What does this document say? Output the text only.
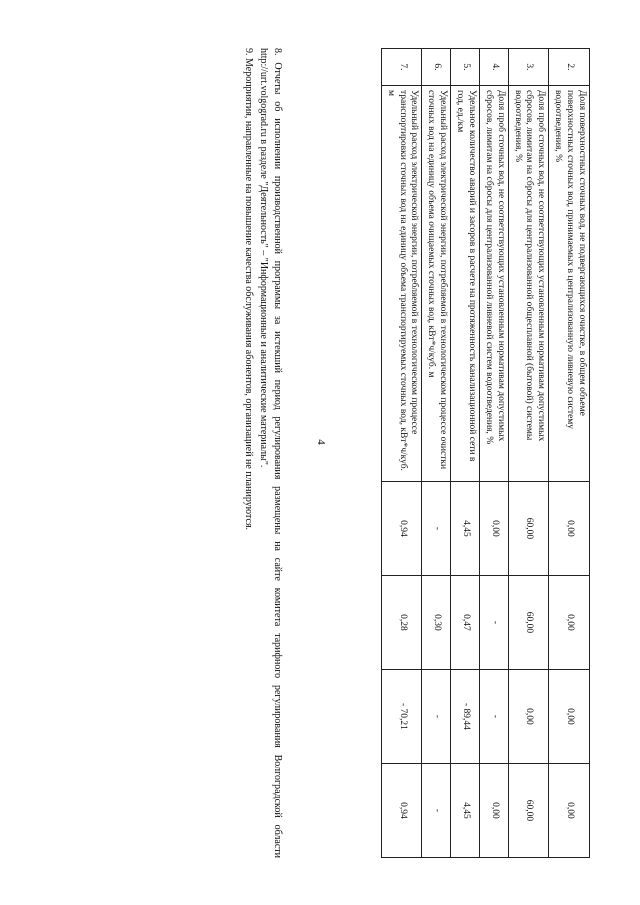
4
2.	Доля поверхностных сточных вод, не подвергающихся очистке, в общем объеме поверхностных сточных вод, принимаемых в централизованную ливневую систему водоотведения, %	0,00	0,00	0,00	0,00
3.	Доля проб сточных вод, не соответствующих установленным нормативам допустимых сбросов, лимитам на сбросы для централизованной общесплавной (бытовой) системы водоотведения, %	60,00	60,00	0,00	60,00
4.	Доля проб сточных вод, не соответствующих установленным нормативам допустимых сбросов, лимитам на сбросы для централизованной ливневой систем водоотведения, %	0,00	-	-	0,00
5.	Удельное количество аварий и засоров в расчете на протяженность канализационной сети в год, ед./км	4,45	0,47	- 89,44	4,45
6.	Удельный расход электрической энергии, потребляемой в технологическом процессе очистки сточных вод на единицу объема очищаемых сточных вод, кВт*ч/куб. м	-	0,30	-	-
7.	Удельный расход электрической энергии, потребляемой в технологическом процессе транспортировки сточных вод на единицу объема транспортируемых сточных вод, кВт*ч/куб. м	0,94	0,28	- 70,21	0,94

8. Отчеты об исполнении производственной программы за истекший период регулирования размещены на сайте комитета тарифного регулирования Волгоградской области http://urt.volgograd.ru в разделе "Деятельность" – "Информационные и аналитические материалы".

9. Мероприятия, направленные на повышение качества обслуживания абонентов, организацией не планируются.
